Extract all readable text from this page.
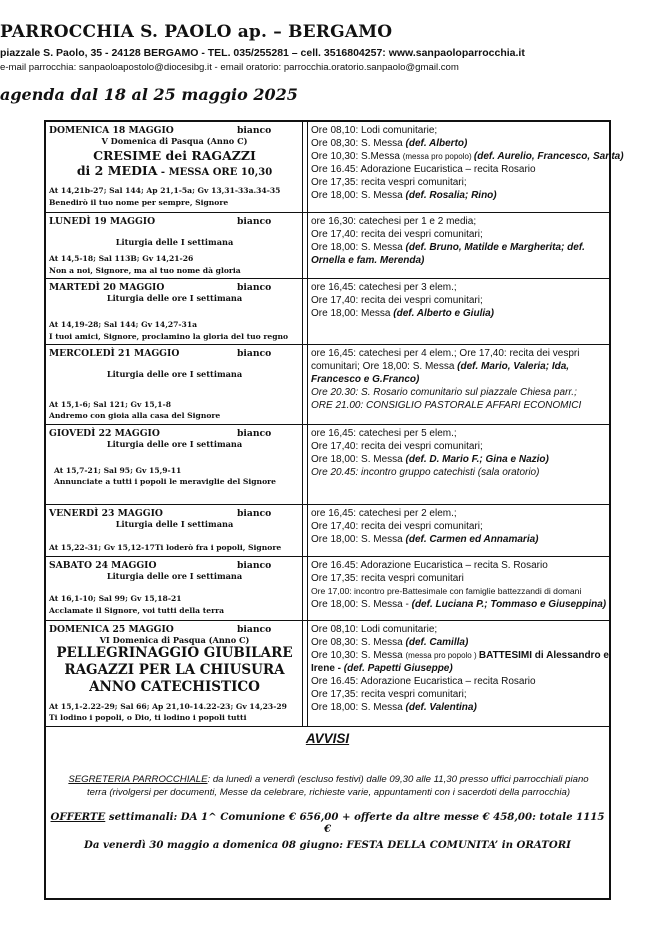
PARROCCHIA S. PAOLO ap. – BERGAMO
piazzale S. Paolo, 35 - 24128 BERGAMO - TEL. 035/255281 – cell. 3516804257: www.sanpaoloparrocchia.it
e-mail parrocchia: sanpaoloapostolo@diocesibg.it - email oratorio: parrocchia.oratorio.sanpaolo@gmail.com
agenda dal 18 al 25 maggio 2025
DOMENICA 18 MAGGIO	bianco
V Domenica di Pasqua (Anno C)
CRESIME dei RAGAZZI
di 2 MEDIA - MESSA ORE 10,30
At 14,21b-27; Sal 144; Ap 21,1-5a; Gv 13,31-33a.34-35
Benedirò il tuo nome per sempre, Signore
Ore 08,10: Lodi comunitarie;
Ore 08,30: S. Messa (def. Alberto)
Ore 10,30: S.Messa (messa pro popolo) (def. Aurelio, Francesco, Santa)
Ore 16.45: Adorazione Eucaristica – recita Rosario
Ore 17,35: recita vespri comunitari;
Ore 18,00: S. Messa (def. Rosalia; Rino)
LUNEDÌ 19 MAGGIO	bianco
Liturgia delle I settimana
At 14,5-18; Sal 113B; Gv 14,21-26
Non a noi, Signore, ma al tuo nome dà gloria
ore 16,30: catechesi per 1 e 2 media;
Ore 17,40: recita dei vespri comunitari;
Ore 18,00: S. Messa (def. Bruno, Matilde e Margherita; def.
Ornella e fam. Merenda)
MARTEDÌ 20 MAGGIO	bianco
Liturgia delle ore I settimana
At 14,19-28; Sal 144; Gv 14,27-31a
I tuoi amici, Signore, proclamino la gloria del tuo regno
ore 16,45: catechesi per 3 elem.;
Ore 17,40: recita dei vespri comunitari;
Ore 18,00: Messa (def. Alberto e Giulia)
MERCOLEDÌ 21 MAGGIO	bianco
Liturgia delle ore I settimana
At 15,1-6; Sal 121; Gv 15,1-8
Andremo con gioia alla casa del Signore
ore 16,45: catechesi per 4 elem.; Ore 17,40: recita dei vespri
comunitari; Ore 18,00: S. Messa (def. Mario, Valeria; Ida,
Francesco e G.Franco)
Ore 20.30: S. Rosario comunitario sul piazzale Chiesa parr.;
ORE 21.00: CONSIGLIO PASTORALE AFFARI ECONOMICI
GIOVEDÌ 22 MAGGIO	bianco
Liturgia delle ore I settimana
At 15,7-21; Sal 95; Gv 15,9-11
Annunciate a tutti i popoli le meraviglie del Signore
ore 16,45: catechesi per 5 elem.;
Ore 17,40: recita dei vespri comunitari;
Ore 18,00: S. Messa (def. D. Mario F.; Gina e Nazio)
Ore 20.45: incontro gruppo catechisti (sala oratorio)
VENERDÌ 23 MAGGIO	bianco
Liturgia delle I settimana
At 15,22-31; Gv 15,12-17Ti loderò fra i popoli, Signore
ore 16,45: catechesi per 2 elem.;
Ore 17,40: recita dei vespri comunitari;
Ore 18,00: S. Messa (def. Carmen ed Annamaria)
SABATO 24 MAGGIO	bianco
Liturgia delle ore I settimana
At 16,1-10; Sal 99; Gv 15,18-21
Acclamate il Signore, voi tutti della terra
Ore 16.45: Adorazione Eucaristica – recita S. Rosario
Ore 17,35: recita vespri comunitari
Ore 17,00: incontro pre-Battesimale con famiglie battezzandi di domani
Ore 18,00: S. Messa - (def. Luciana P.; Tommaso e Giuseppina)
DOMENICA 25 MAGGIO	bianco
VI Domenica di Pasqua (Anno C)
PELLEGRINAGGIO GIUBILARE
RAGAZZI PER LA CHIUSURA
ANNO CATECHISTICO
At 15,1-2.22-29; Sal 66; Ap 21,10-14.22-23; Gv 14,23-29
Ti lodino i popoli, o Dio, ti lodino i popoli tutti
Ore 08,10: Lodi comunitarie;
Ore 08,30: S. Messa (def. Camilla)
Ore 10,30: S. Messa (messa pro popolo ) BATTESIMI di Alessandro e
Irene - (def. Papetti Giuseppe)
Ore 16.45: Adorazione Eucaristica – recita Rosario
Ore 17,35: recita vespri comunitari;
Ore 18,00: S. Messa (def. Valentina)
AVVISI
SEGRETERIA PARROCCHIALE: da lunedì a venerdì (escluso festivi) dalle 09,30 alle 11,30 presso uffici parrocchiali piano
terra (rivolgersi per documenti, Messe da celebrare, richieste varie, appuntamenti con i sacerdoti della parrocchia)
OFFERTE settimanali: DA 1^ Comunione € 656,00 + offerte da altre messe € 458,00: totale 1115 €
Da venerdì 30 maggio a domenica 08 giugno: FESTA DELLA COMUNITA’ in ORATORI
